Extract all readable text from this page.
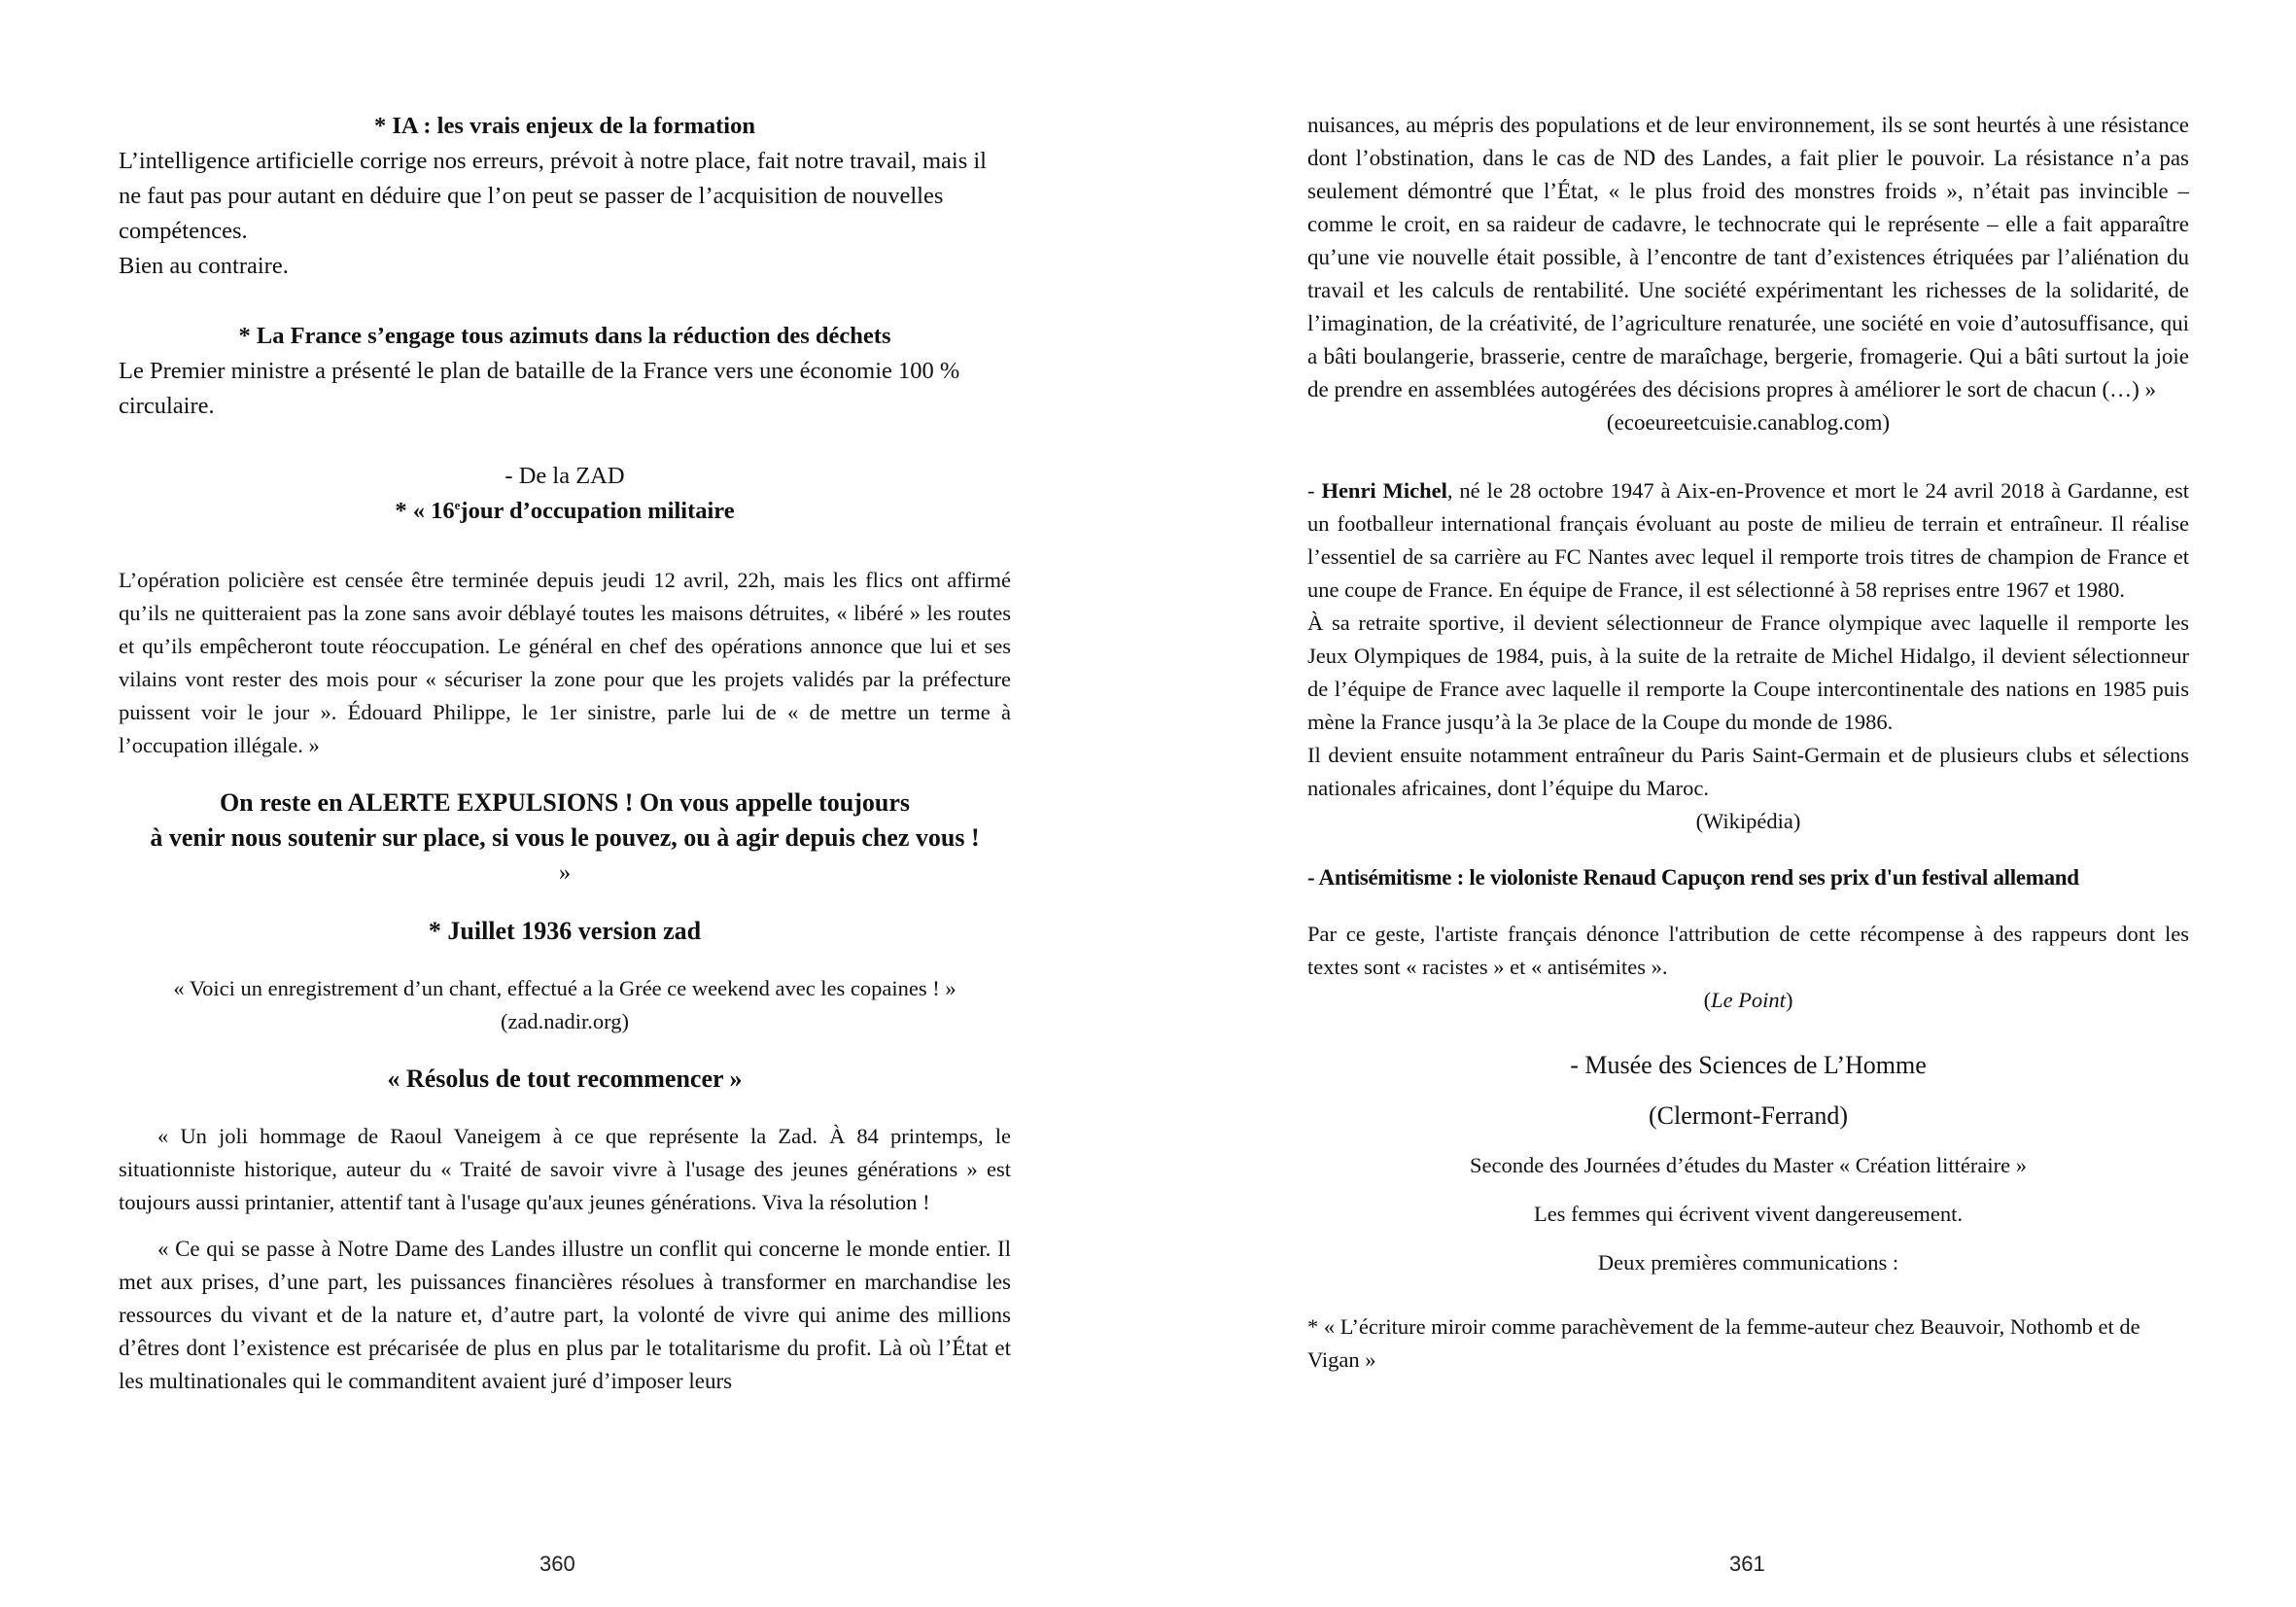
* IA : les vrais enjeux de la formation

L’intelligence artificielle corrige nos erreurs, prévoit à notre place, fait notre travail, mais il ne faut pas pour autant en déduire que l’on peut se passer de l’acquisition de nouvelles compétences.

Bien au contraire.

* La France s’engage tous azimuts dans la réduction des déchets

Le Premier ministre a présenté le plan de bataille de la France vers une économie 100 % circulaire.

- De la ZAD

* « 16ejour d’occupation militaire

L’opération policière est censée être terminée depuis jeudi 12 avril, 22h, mais les flics ont affirmé qu’ils ne quitteraient pas la zone sans avoir déblayé toutes les maisons détruites, « libéré » les routes et qu’ils empêcheront toute réoccupation. Le général en chef des opérations annonce que lui et ses vilains vont rester des mois pour « sécuriser la zone pour que les projets validés par la préfecture puissent voir le jour ». Édouard Philippe, le 1er sinistre, parle lui de « de mettre un terme à l’occupation illégale. »

On reste en ALERTE EXPULSIONS ! On vous appelle toujours

à venir nous soutenir sur place, si vous le pouvez, ou à agir depuis chez vous !

»

* Juillet 1936 version zad

« Voici un enregistrement d’un chant, effectué a la Grée ce weekend avec les copaines ! »

(zad.nadir.org)

« Résolus de tout recommencer »

« Un joli hommage de Raoul Vaneigem à ce que représente la Zad. À 84 printemps, le situationniste historique, auteur du « Traité de savoir vivre à l'usage des jeunes générations » est toujours aussi printanier, attentif tant à l'usage qu'aux jeunes générations. Viva la résolution !

« Ce qui se passe à Notre Dame des Landes illustre un conflit qui concerne le monde entier. Il met aux prises, d’une part, les puissances financières résolues à transformer en marchandise les ressources du vivant et de la nature et, d’autre part, la volonté de vivre qui anime des millions d’êtres dont l’existence est précarisée de plus en plus par le totalitarisme du profit. Là où l’État et les multinationales qui le commanditent avaient juré d’imposer leurs

360

nuisances, au mépris des populations et de leur environnement, ils se sont heurtés à une résistance dont l’obstination, dans le cas de ND des Landes, a fait plier le pouvoir. La résistance n’a pas seulement démontré que l’État, « le plus froid des monstres froids », n’était pas invincible – comme le croit, en sa raideur de cadavre, le technocrate qui le représente – elle a fait apparaître qu’une vie nouvelle était possible, à l’encontre de tant d’existences étriquées par l’aliénation du travail et les calculs de rentabilité. Une société expérimentant les richesses de la solidarité, de l’imagination, de la créativité, de l’agriculture renaturée, une société en voie d’autosuffisance, qui a bâti boulangerie, brasserie, centre de maraîchage, bergerie, fromagerie. Qui a bâti surtout la joie de prendre en assemblées autogérées des décisions propres à améliorer le sort de chacun (…) »

(ecoeureetcuisie.canablog.com)

- Henri Michel, né le 28 octobre 1947 à Aix-en-Provence et mort le 24 avril 2018 à Gardanne, est un footballeur international français évoluant au poste de milieu de terrain et entraîneur. Il réalise l’essentiel de sa carrière au FC Nantes avec lequel il remporte trois titres de champion de France et une coupe de France. En équipe de France, il est sélectionné à 58 reprises entre 1967 et 1980.

À sa retraite sportive, il devient sélectionneur de France olympique avec laquelle il remporte les Jeux Olympiques de 1984, puis, à la suite de la retraite de Michel Hidalgo, il devient sélectionneur de l’équipe de France avec laquelle il remporte la Coupe intercontinentale des nations en 1985 puis mène la France jusqu’à la 3e place de la Coupe du monde de 1986.

Il devient ensuite notamment entraîneur du Paris Saint-Germain et de plusieurs clubs et sélections nationales africaines, dont l’équipe du Maroc.

(Wikipédia)

- Antisémitisme : le violoniste Renaud Capuçon rend ses prix d'un festival allemand

Par ce geste, l'artiste français dénonce l'attribution de cette récompense à des rappeurs dont les textes sont « racistes » et « antisémites ».

(Le Point)

- Musée des Sciences de L’Homme

(Clermont-Ferrand)

Seconde des Journées d’études du Master « Création littéraire »

Les femmes qui écrivent vivent dangereusement.

Deux premières communications :

* « L’écriture miroir comme parachèvement de la femme-auteur chez Beauvoir, Nothomb et de Vigan »

361
